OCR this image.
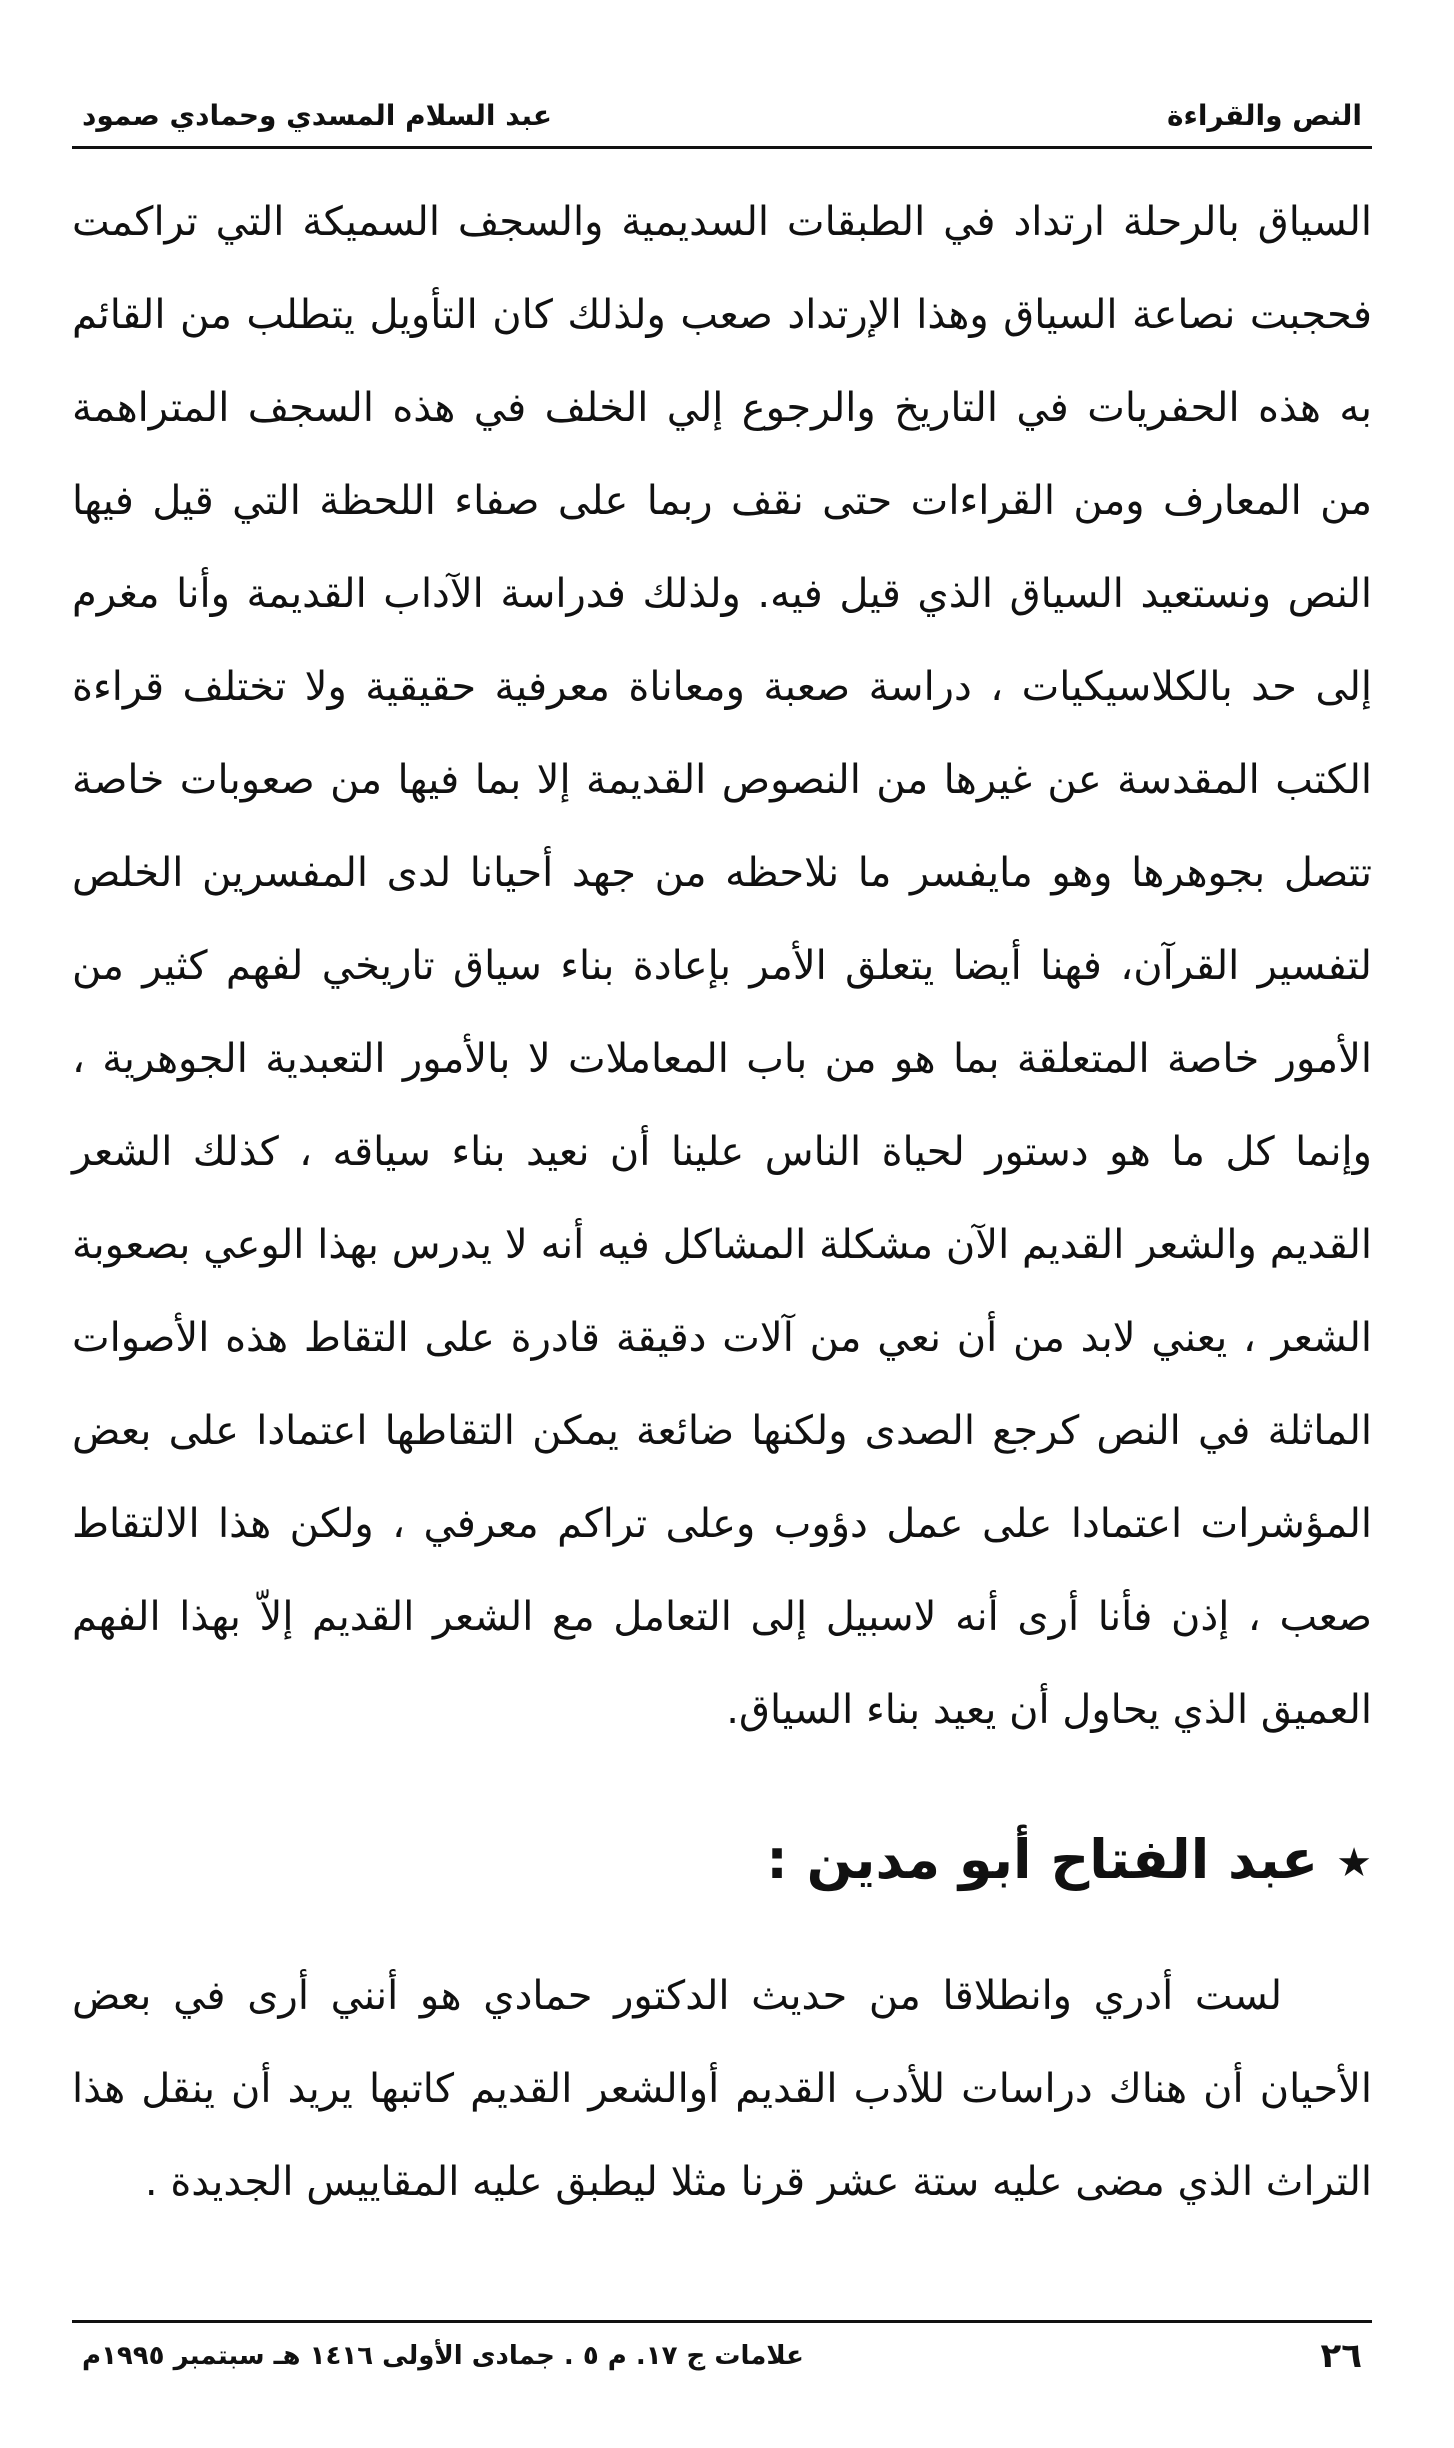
النص والقراءة
عبد السلام المسدي وحمادي صمود

السياق بالرحلة ارتداد في الطبقات السديمية والسجف السميكة التي تراكمت فحجبت نصاعة السياق وهذا الإرتداد صعب ولذلك كان التأويل يتطلب من القائم به هذه الحفريات في التاريخ والرجوع إلي الخلف في هذه السجف المتراهمة من المعارف ومن القراءات حتى نقف ربما على صفاء اللحظة التي قيل فيها النص ونستعيد السياق الذي قيل فيه. ولذلك فدراسة الآداب القديمة وأنا مغرم إلى حد بالكلاسيكيات ، دراسة صعبة ومعاناة معرفية حقيقية ولا تختلف قراءة الكتب المقدسة عن غيرها من النصوص القديمة إلا بما فيها من صعوبات خاصة تتصل بجوهرها وهو مايفسر ما نلاحظه من جهد أحيانا لدى المفسرين الخلص لتفسير القرآن، فهنا أيضا يتعلق الأمر بإعادة بناء سياق تاريخي لفهم كثير من الأمور خاصة المتعلقة بما هو من باب المعاملات لا بالأمور التعبدية الجوهرية ، وإنما كل ما هو دستور لحياة الناس علينا أن نعيد بناء سياقه ، كذلك الشعر القديم والشعر القديم الآن مشكلة المشاكل فيه أنه لا يدرس بهذا الوعي بصعوبة الشعر ، يعني لابد من أن نعي من آلات دقيقة قادرة على التقاط هذه الأصوات الماثلة في النص كرجع الصدى ولكنها ضائعة يمكن التقاطها اعتمادا على بعض المؤشرات اعتمادا على عمل دؤوب وعلى تراكم معرفي ، ولكن هذا الالتقاط صعب ، إذن فأنا أرى أنه لاسبيل إلى التعامل مع الشعر القديم إلاّ بهذا الفهم العميق الذي يحاول أن يعيد بناء السياق.

★عبد الفتاح أبو مدين :

لست أدري وانطلاقا من حديث الدكتور حمادي هو أنني أرى في بعض الأحيان أن هناك دراسات للأدب القديم أوالشعر القديم كاتبها يريد أن ينقل هذا التراث الذي مضى عليه ستة عشر قرنا مثلا ليطبق عليه المقاييس الجديدة .

٢٦
علامات ج ١٧. م ٥ . جمادى الأولى ١٤١٦ هـ سبتمبر ١٩٩٥م
